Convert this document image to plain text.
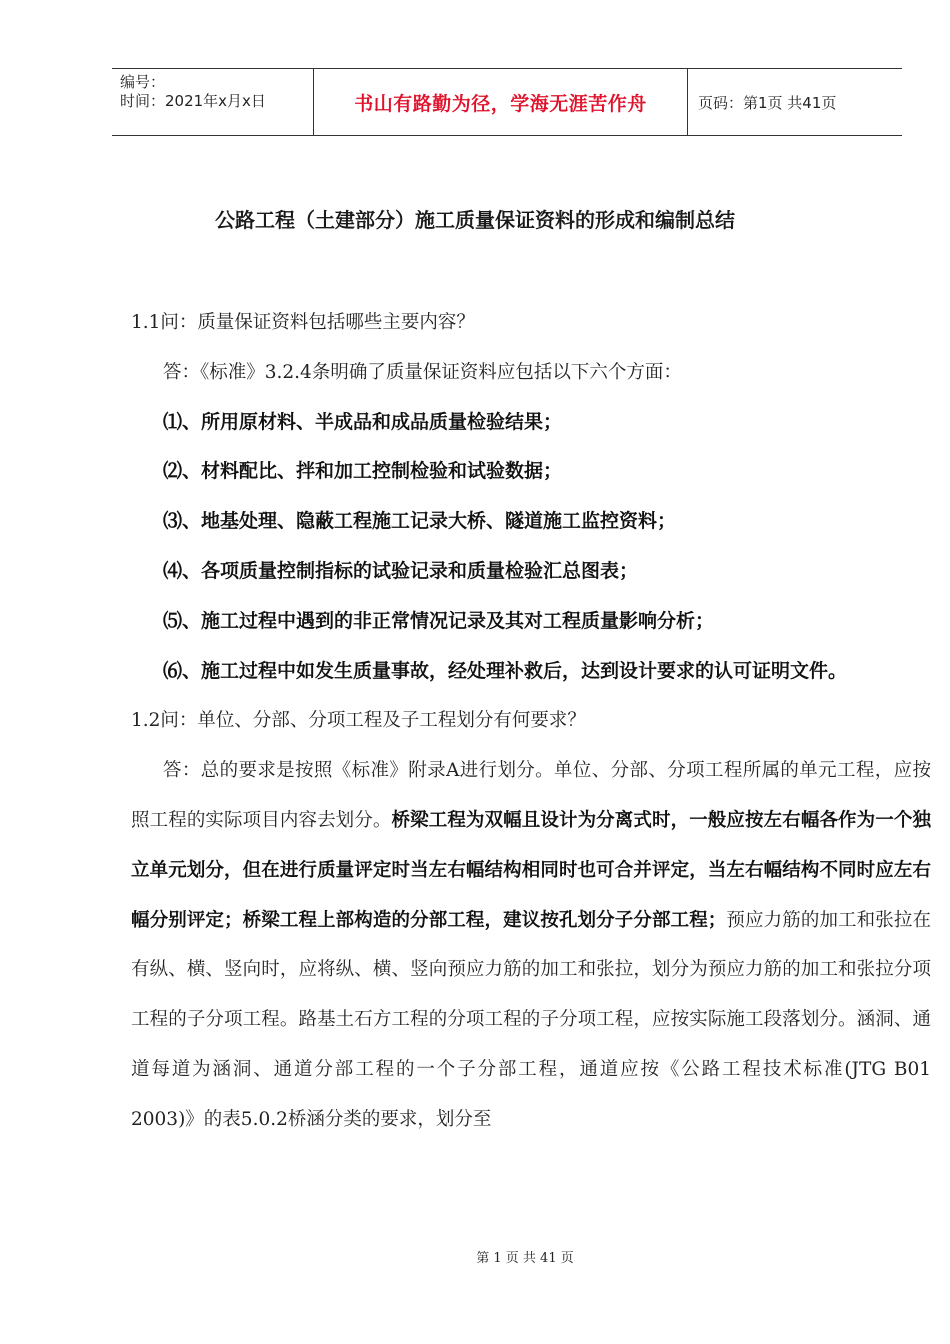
编号：
时间：2021年x月x日	书山有路勤为径，学海无涯苦作舟	页码：第1页 共41页
公路工程（土建部分）施工质量保证资料的形成和编制总结

1.1问：质量保证资料包括哪些主要内容？

答：《标准》3.2.4条明确了质量保证资料应包括以下六个方面：

⑴、所用原材料、半成品和成品质量检验结果；

⑵、材料配比、拌和加工控制检验和试验数据；

⑶、地基处理、隐蔽工程施工记录大桥、隧道施工监控资料；

⑷、各项质量控制指标的试验记录和质量检验汇总图表；

⑸、施工过程中遇到的非正常情况记录及其对工程质量影响分析；

⑹、施工过程中如发生质量事故，经处理补救后，达到设计要求的认可证明文件。

1.2问：单位、分部、分项工程及子工程划分有何要求？

答：总的要求是按照《标准》附录A进行划分。单位、分部、分项工程所属的单元工程，应按照工程的实际项目内容去划分。桥梁工程为双幅且设计为分离式时，一般应按左右幅各作为一个独立单元划分，但在进行质量评定时当左右幅结构相同时也可合并评定，当左右幅结构不同时应左右幅分别评定；桥梁工程上部构造的分部工程，建议按孔划分子分部工程；预应力筋的加工和张拉在有纵、横、竖向时，应将纵、横、竖向预应力筋的加工和张拉，划分为预应力筋的加工和张拉分项工程的子分项工程。路基土石方工程的分项工程的子分项工程，应按实际施工段落划分。涵洞、通道每道为涵洞、通道分部工程的一个子分部工程，通道应按《公路工程技术标准(JTG B01 2003)》的表5.0.2桥涵分类的要求，划分至

第 1 页 共 41 页
